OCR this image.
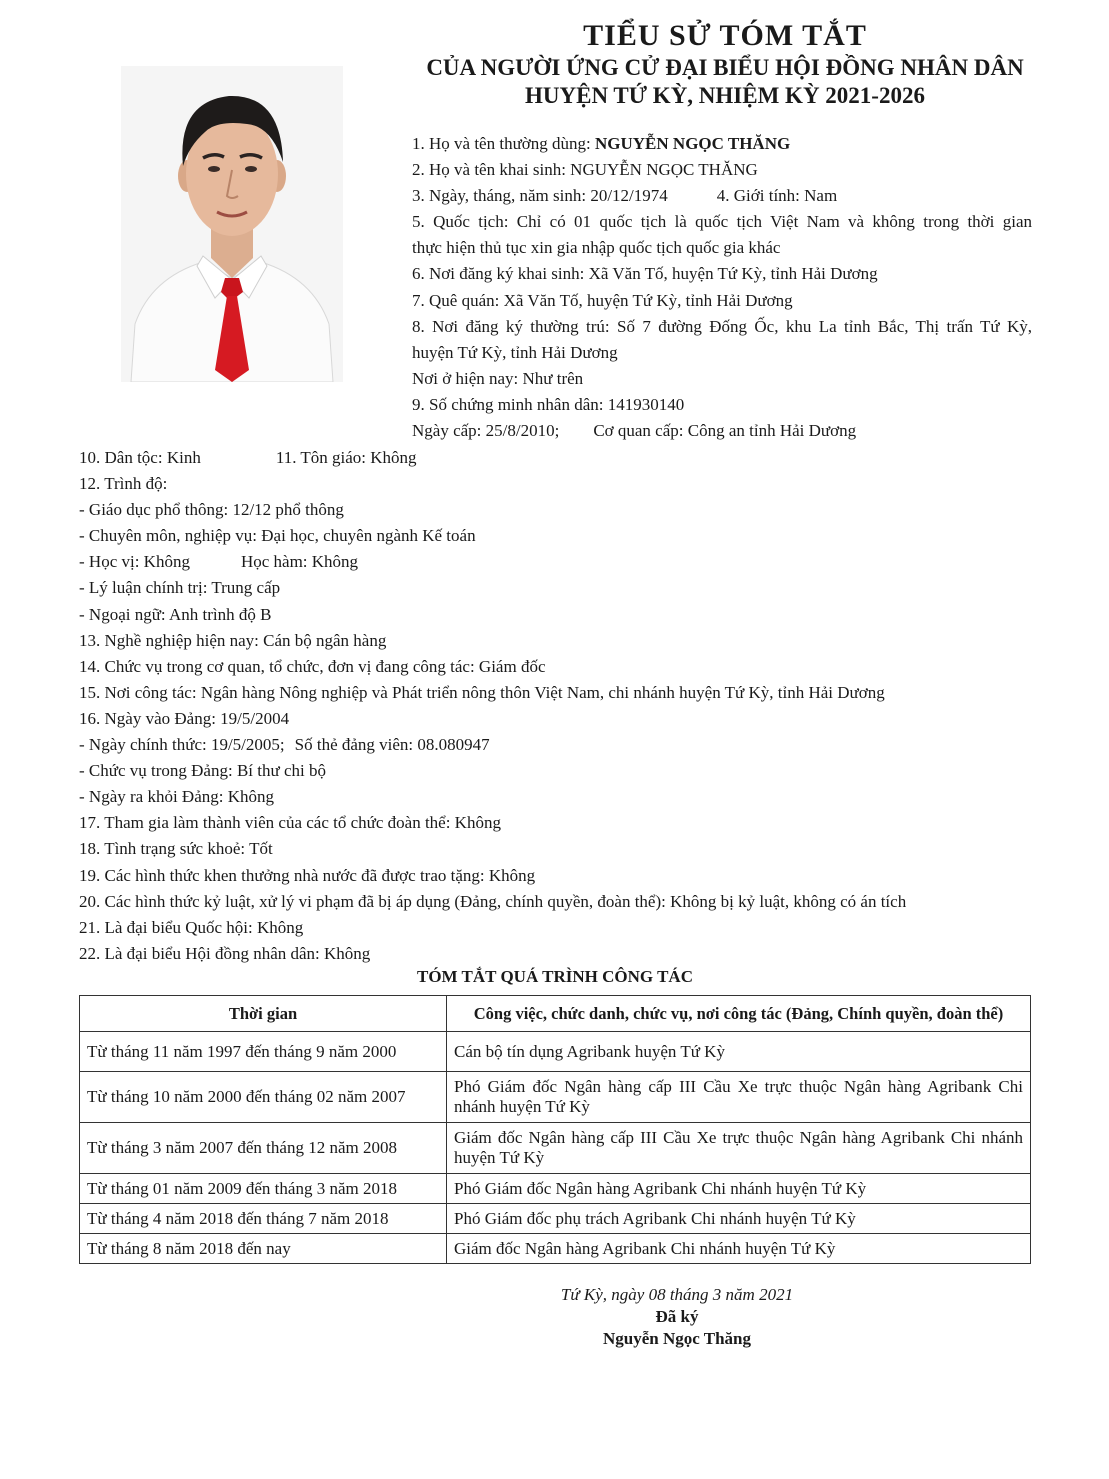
TIỂU SỬ TÓM TẮT
CỦA NGƯỜI ỨNG CỬ ĐẠI BIỂU HỘI ĐỒNG NHÂN DÂN
HUYỆN TỨ KỲ, NHIỆM KỲ 2021-2026
1. Họ và tên thường dùng: NGUYỄN NGỌC THĂNG
2. Họ và tên khai sinh: NGUYỄN NGỌC THĂNG
3. Ngày, tháng, năm sinh: 20/12/1974	4. Giới tính: Nam
5. Quốc tịch: Chỉ có 01 quốc tịch là quốc tịch Việt Nam và không trong thời gian
thực hiện thủ tục xin gia nhập quốc tịch quốc gia khác
6. Nơi đăng ký khai sinh: Xã Văn Tố, huyện Tứ Kỳ, tỉnh Hải Dương
7. Quê quán: Xã Văn Tố, huyện Tứ Kỳ, tỉnh Hải Dương
8. Nơi đăng ký thường trú: Số 7 đường Đống Ốc, khu La tỉnh Bắc, Thị trấn Tứ Kỳ,
huyện Tứ Kỳ, tỉnh Hải Dương
Nơi ở hiện nay: Như trên
9. Số chứng minh nhân dân: 141930140
Ngày cấp: 25/8/2010; Cơ quan cấp: Công an tỉnh Hải Dương
10. Dân tộc: Kinh	11. Tôn giáo: Không
12. Trình độ:
- Giáo dục phổ thông: 12/12 phổ thông
- Chuyên môn, nghiệp vụ: Đại học, chuyên ngành Kế toán
- Học vị: Không	Học hàm: Không
- Lý luận chính trị: Trung cấp
- Ngoại ngữ: Anh trình độ B
13. Nghề nghiệp hiện nay: Cán bộ ngân hàng
14. Chức vụ trong cơ quan, tổ chức, đơn vị đang công tác: Giám đốc
15. Nơi công tác: Ngân hàng Nông nghiệp và Phát triển nông thôn Việt Nam, chi nhánh huyện Tứ Kỳ, tỉnh Hải Dương
16. Ngày vào Đảng: 19/5/2004
- Ngày chính thức: 19/5/2005; Số thẻ đảng viên: 08.080947
- Chức vụ trong Đảng: Bí thư chi bộ
- Ngày ra khỏi Đảng: Không
17. Tham gia làm thành viên của các tổ chức đoàn thể: Không
18. Tình trạng sức khoẻ: Tốt
19. Các hình thức khen thưởng nhà nước đã được trao tặng: Không
20. Các hình thức kỷ luật, xử lý vi phạm đã bị áp dụng (Đảng, chính quyền, đoàn thể): Không bị kỷ luật, không có án tích
21. Là đại biểu Quốc hội: Không
22. Là đại biểu Hội đồng nhân dân: Không
TÓM TẮT QUÁ TRÌNH CÔNG TÁC
Thời gian	Công việc, chức danh, chức vụ, nơi công tác (Đảng, Chính quyền, đoàn thể)
Từ tháng 11 năm 1997 đến tháng 9 năm 2000	Cán bộ tín dụng Agribank huyện Tứ Kỳ
Từ tháng 10 năm 2000 đến tháng 02 năm 2007	Phó Giám đốc Ngân hàng cấp III Cầu Xe trực thuộc Ngân hàng Agribank Chi nhánh huyện Tứ Kỳ
Từ tháng 3 năm 2007 đến tháng 12 năm 2008	Giám đốc Ngân hàng cấp III Cầu Xe trực thuộc Ngân hàng Agribank Chi nhánh huyện Tứ Kỳ
Từ tháng 01 năm 2009 đến tháng 3 năm 2018	Phó Giám đốc Ngân hàng Agribank Chi nhánh huyện Tứ Kỳ
Từ tháng 4 năm 2018 đến tháng 7 năm 2018	Phó Giám đốc phụ trách Agribank Chi nhánh huyện Tứ Kỳ
Từ tháng 8 năm 2018 đến nay	Giám đốc Ngân hàng Agribank Chi nhánh huyện Tứ Kỳ
Tứ Kỳ, ngày 08 tháng 3 năm 2021
Đã ký
Nguyễn Ngọc Thăng
